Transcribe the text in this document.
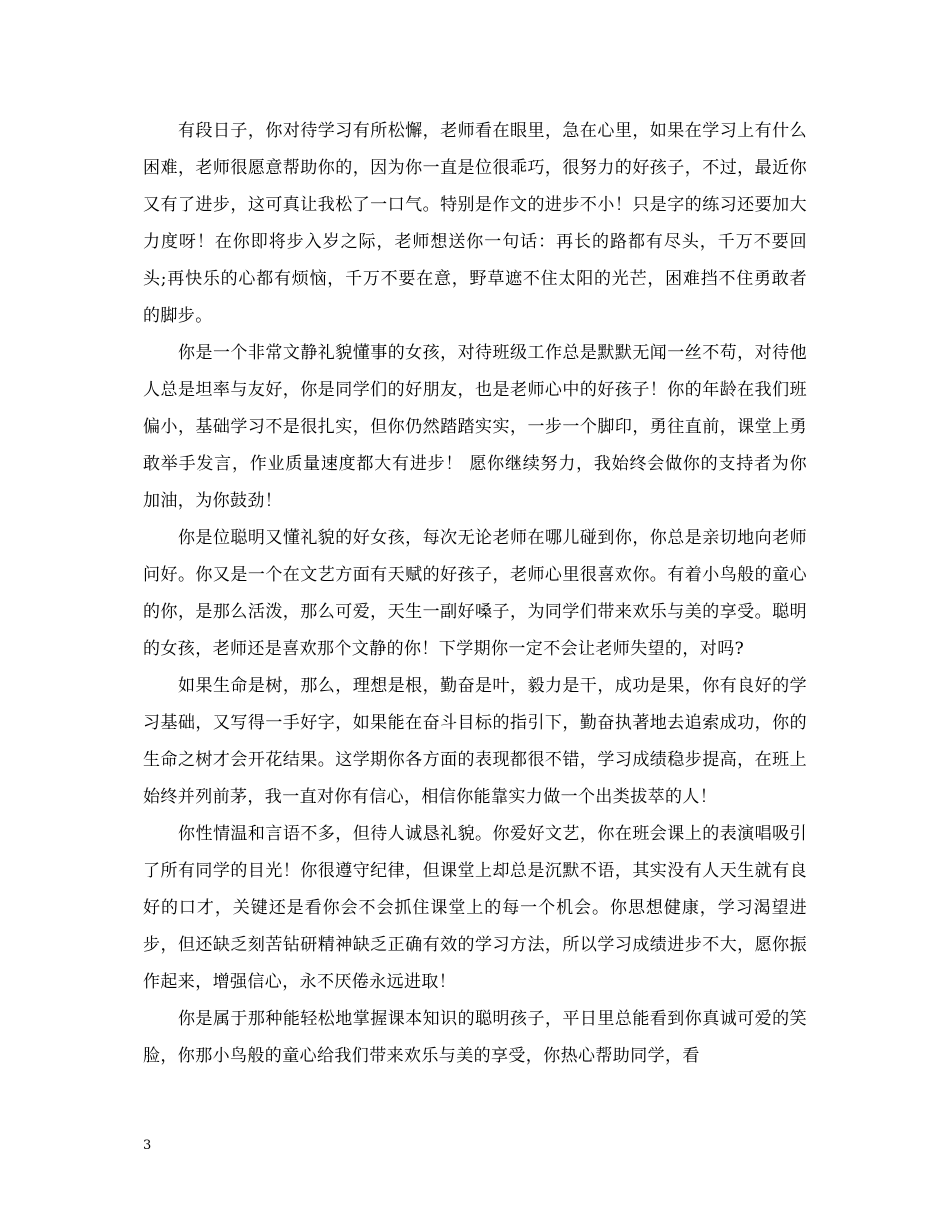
有段日子，你对待学习有所松懈，老师看在眼里，急在心里，如果在学习上有什么困难，老师很愿意帮助你的，因为你一直是位很乖巧，很努力的好孩子，不过，最近你又有了进步，这可真让我松了一口气。特别是作文的进步不小！只是字的练习还要加大力度呀！在你即将步入岁之际，老师想送你一句话：再长的路都有尽头，千万不要回头;再快乐的心都有烦恼，千万不要在意，野草遮不住太阳的光芒，困难挡不住勇敢者的脚步。

你是一个非常文静礼貌懂事的女孩，对待班级工作总是默默无闻一丝不苟，对待他人总是坦率与友好，你是同学们的好朋友，也是老师心中的好孩子！你的年龄在我们班偏小，基础学习不是很扎实，但你仍然踏踏实实，一步一个脚印，勇往直前，课堂上勇敢举手发言，作业质量速度都大有进步！ 愿你继续努力，我始终会做你的支持者为你加油，为你鼓劲！

你是位聪明又懂礼貌的好女孩，每次无论老师在哪儿碰到你，你总是亲切地向老师问好。你又是一个在文艺方面有天赋的好孩子，老师心里很喜欢你。有着小鸟般的童心的你，是那么活泼，那么可爱，天生一副好嗓子，为同学们带来欢乐与美的享受。聪明的女孩，老师还是喜欢那个文静的你！下学期你一定不会让老师失望的，对吗?

如果生命是树，那么，理想是根，勤奋是叶，毅力是干，成功是果，你有良好的学习基础，又写得一手好字，如果能在奋斗目标的指引下，勤奋执著地去追索成功，你的生命之树才会开花结果。这学期你各方面的表现都很不错，学习成绩稳步提高，在班上始终并列前茅，我一直对你有信心，相信你能靠实力做一个出类拔萃的人！

你性情温和言语不多，但待人诚恳礼貌。你爱好文艺，你在班会课上的表演唱吸引了所有同学的目光！你很遵守纪律，但课堂上却总是沉默不语，其实没有人天生就有良好的口才，关键还是看你会不会抓住课堂上的每一个机会。你思想健康，学习渴望进步，但还缺乏刻苦钻研精神缺乏正确有效的学习方法，所以学习成绩进步不大，愿你振作起来，增强信心，永不厌倦永远进取！

你是属于那种能轻松地掌握课本知识的聪明孩子，平日里总能看到你真诚可爱的笑脸，你那小鸟般的童心给我们带来欢乐与美的享受，你热心帮助同学，看

3
